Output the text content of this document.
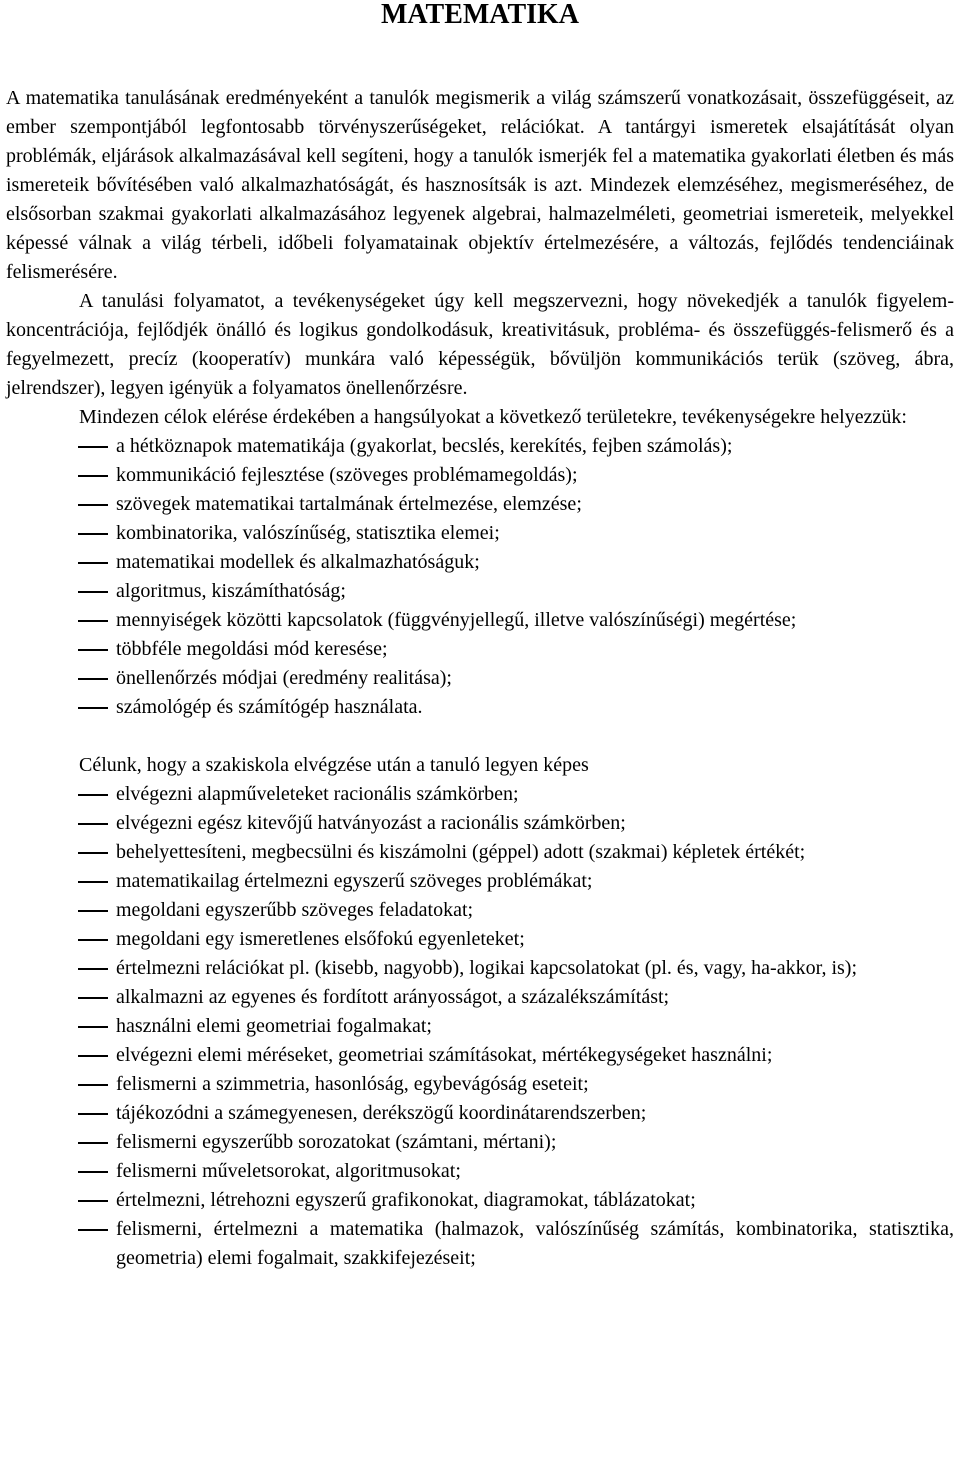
MATEMATIKA

A matematika tanulásának eredményeként a tanulók megismerik a világ számszerű vonatkozásait, összefüggéseit, az ember szempontjából legfontosabb törvényszerűségeket, relációkat. A tantárgyi ismeretek elsajátítását olyan problémák, eljárások alkalmazásával kell segíteni, hogy a tanulók ismerjék fel a matematika gyakorlati életben és más ismereteik bővítésében való alkalmazhatóságát, és hasznosítsák is azt. Mindezek elemzéséhez, megismeréséhez, de elsősorban szakmai gyakorlati alkalmazásához legyenek algebrai, halmazelméleti, geometriai ismereteik, melyekkel képessé válnak a világ térbeli, időbeli folyamatainak objektív értelmezésére, a változás, fejlődés tendenciáinak felismerésére.

A tanulási folyamatot, a tevékenységeket úgy kell megszervezni, hogy növekedjék a tanulók figyelem-koncentrációja, fejlődjék önálló és logikus gondolkodásuk, kreativitásuk, probléma- és összefüggés-felismerő és a fegyelmezett, precíz (kooperatív) munkára való képességük, bővüljön kommunikációs terük (szöveg, ábra, jelrendszer), legyen igényük a folyamatos önellenőrzésre.

Mindezen célok elérése érdekében a hangsúlyokat a következő területekre, tevékenységekre helyezzük:

a hétköznapok matematikája (gyakorlat, becslés, kerekítés, fejben számolás);
kommunikáció fejlesztése (szöveges problémamegoldás);
szövegek matematikai tartalmának értelmezése, elemzése;
kombinatorika, valószínűség, statisztika elemei;
matematikai modellek és alkalmazhatóságuk;
algoritmus, kiszámíthatóság;
mennyiségek közötti kapcsolatok (függvényjellegű, illetve valószínűségi) megértése;
többféle megoldási mód keresése;
önellenőrzés módjai (eredmény realitása);
számológép és számítógép használata.

Célunk, hogy a szakiskola elvégzése után a tanuló legyen képes

elvégezni alapműveleteket racionális számkörben;
elvégezni egész kitevőjű hatványozást a racionális számkörben;
behelyettesíteni, megbecsülni és kiszámolni (géppel) adott (szakmai) képletek értékét;
matematikailag értelmezni egyszerű szöveges problémákat;
megoldani egyszerűbb szöveges feladatokat;
megoldani egy ismeretlenes elsőfokú egyenleteket;
értelmezni relációkat pl. (kisebb, nagyobb), logikai kapcsolatokat (pl. és, vagy, ha-akkor, is);
alkalmazni az egyenes és fordított arányosságot, a százalékszámítást;
használni elemi geometriai fogalmakat;
elvégezni elemi méréseket, geometriai számításokat, mértékegységeket használni;
felismerni a szimmetria, hasonlóság, egybevágóság eseteit;
tájékozódni a számegyenesen, derékszögű koordinátarendszerben;
felismerni egyszerűbb sorozatokat (számtani, mértani);
felismerni műveletsorokat, algoritmusokat;
értelmezni, létrehozni egyszerű grafikonokat, diagramokat, táblázatokat;
felismerni, értelmezni a matematika (halmazok, valószínűség számítás, kombinatorika, statisztika, geometria) elemi fogalmait, szakkifejezéseit;
